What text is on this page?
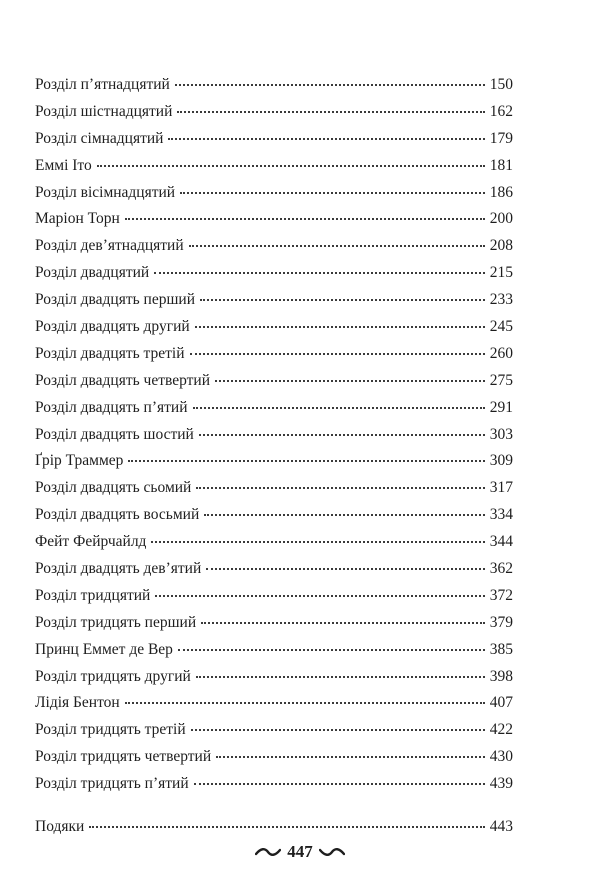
Розділ п’ятнадцятий	150
Розділ шістнадцятий	162
Розділ сімнадцятий	179
Еммі Іто	181
Розділ вісімнадцятий	186
Маріон Торн	200
Розділ дев’ятнадцятий	208
Розділ двадцятий	215
Розділ двадцять перший	233
Розділ двадцять другий	245
Розділ двадцять третій	260
Розділ двадцять четвертий	275
Розділ двадцять п’ятий	291
Розділ двадцять шостий	303
Ґрір Траммер	309
Розділ двадцять сьомий	317
Розділ двадцять восьмий	334
Фейт Фейрчайлд	344
Розділ двадцять дев’ятий	362
Розділ тридцятий	372
Розділ тридцять перший	379
Принц Еммет де Вер	385
Розділ тридцять другий	398
Лідія Бентон	407
Розділ тридцять третій	422
Розділ тридцять четвертий	430
Розділ тридцять п’ятий	439
Подяки	443
447
